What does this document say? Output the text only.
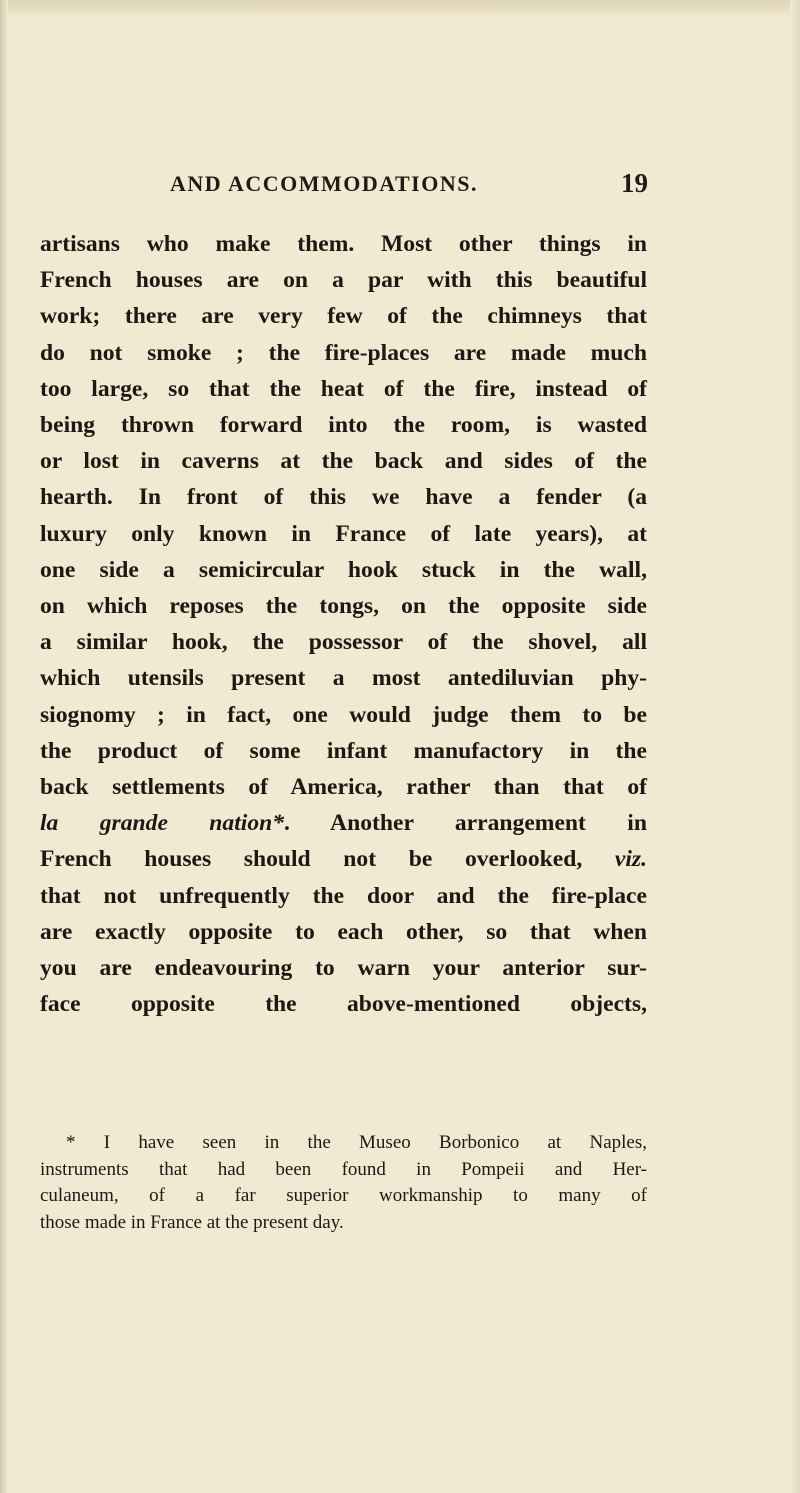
AND ACCOMMODATIONS.	19
artisans who make them. Most other things in
French houses are on a par with this beautiful
work; there are very few of the chimneys that
do not smoke ; the fire-places are made much
too large, so that the heat of the fire, instead of
being thrown forward into the room, is wasted
or lost in caverns at the back and sides of the
hearth. In front of this we have a fender (a
luxury only known in France of late years), at
one side a semicircular hook stuck in the wall,
on which reposes the tongs, on the opposite side
a similar hook, the possessor of the shovel, all
which utensils present a most antediluvian phy-
siognomy ; in fact, one would judge them to be
the product of some infant manufactory in the
back settlements of America, rather than that of
la grande nation*. Another arrangement in
French houses should not be overlooked, viz.
that not unfrequently the door and the fire-place
are exactly opposite to each other, so that when
you are endeavouring to warn your anterior sur-
face opposite the above-mentioned objects,
* I have seen in the Museo Borbonico at Naples,
instruments that had been found in Pompeii and Her-
culaneum, of a far superior workmanship to many of
those made in France at the present day.
